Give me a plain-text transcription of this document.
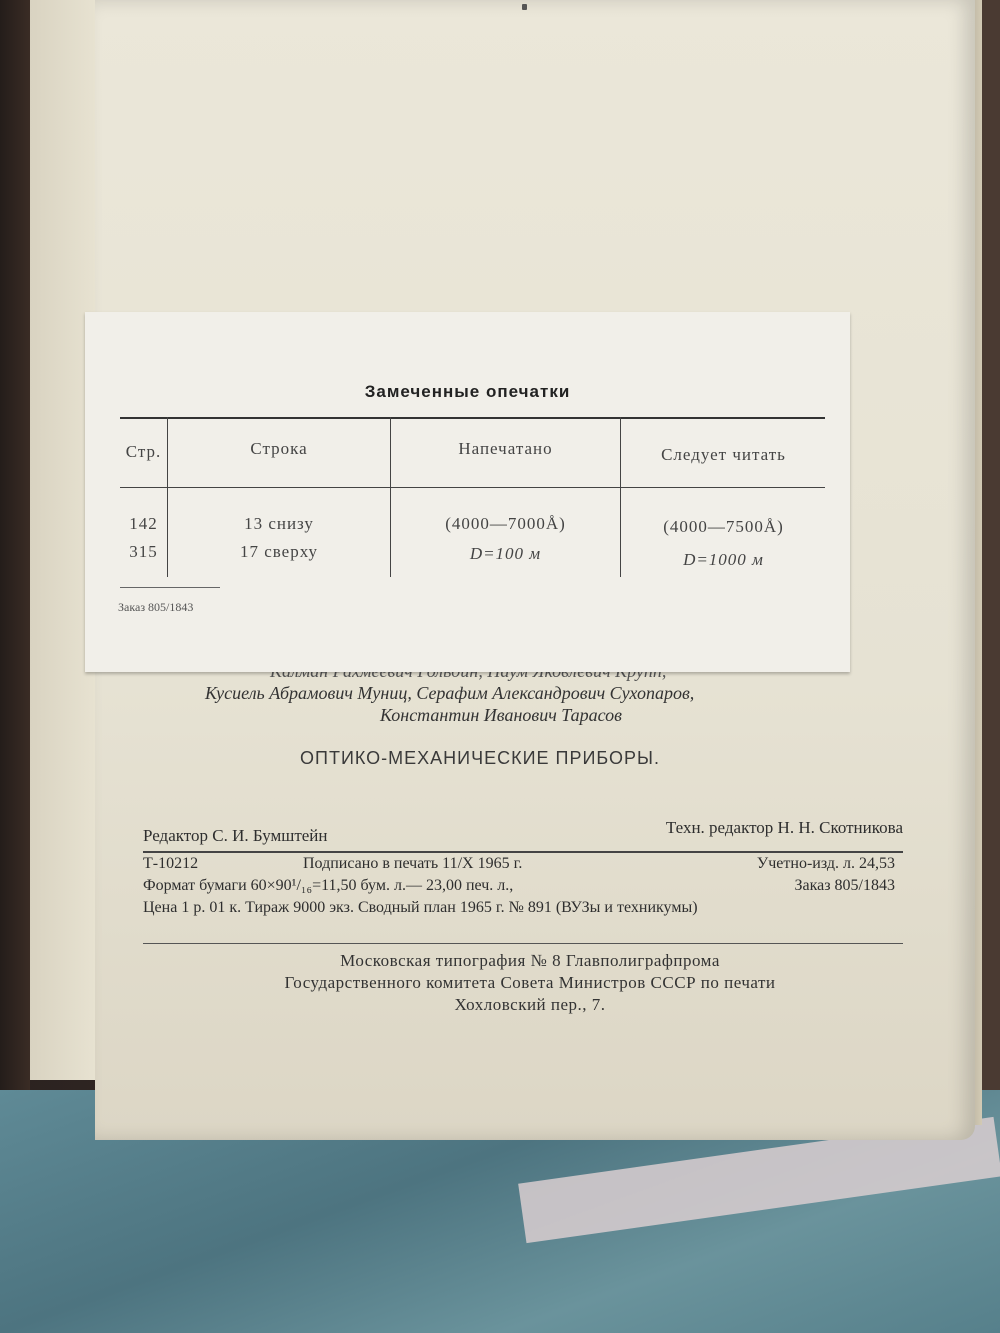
Кусиель Абрамович Муниц, Серафим Александрович Сухопаров,
Константин Иванович Тарасов
ОПТИКО-МЕХАНИЧЕСКИЕ ПРИБОРЫ.
Редактор С. И. Бумштейн	Техн. редактор Н. Н. Скотникова
Т-10212	Подписано в печать 11/X 1965 г.	Учетно-изд. л. 24,53
Формат бумаги 60×90¹/₁₆=11,50 бум. л.— 23,00 печ. л.,	Заказ 805/1843
Цена 1 р. 01 к. Тираж 9000 экз. Сводный план 1965 г. № 891 (ВУЗы и техникумы)
Московская типография № 8 Главполиграфпрома
Государственного комитета Совета Министров СССР по печати
Хохловский пер., 7.
Замеченные опечатки
Стр.	Строка	Напечатано	Следует читать
142	13 снизу	(4000—7000Å)	(4000—7500Å)
315	17 сверху	D=100 м	D=1000 м
Заказ 805/1843
